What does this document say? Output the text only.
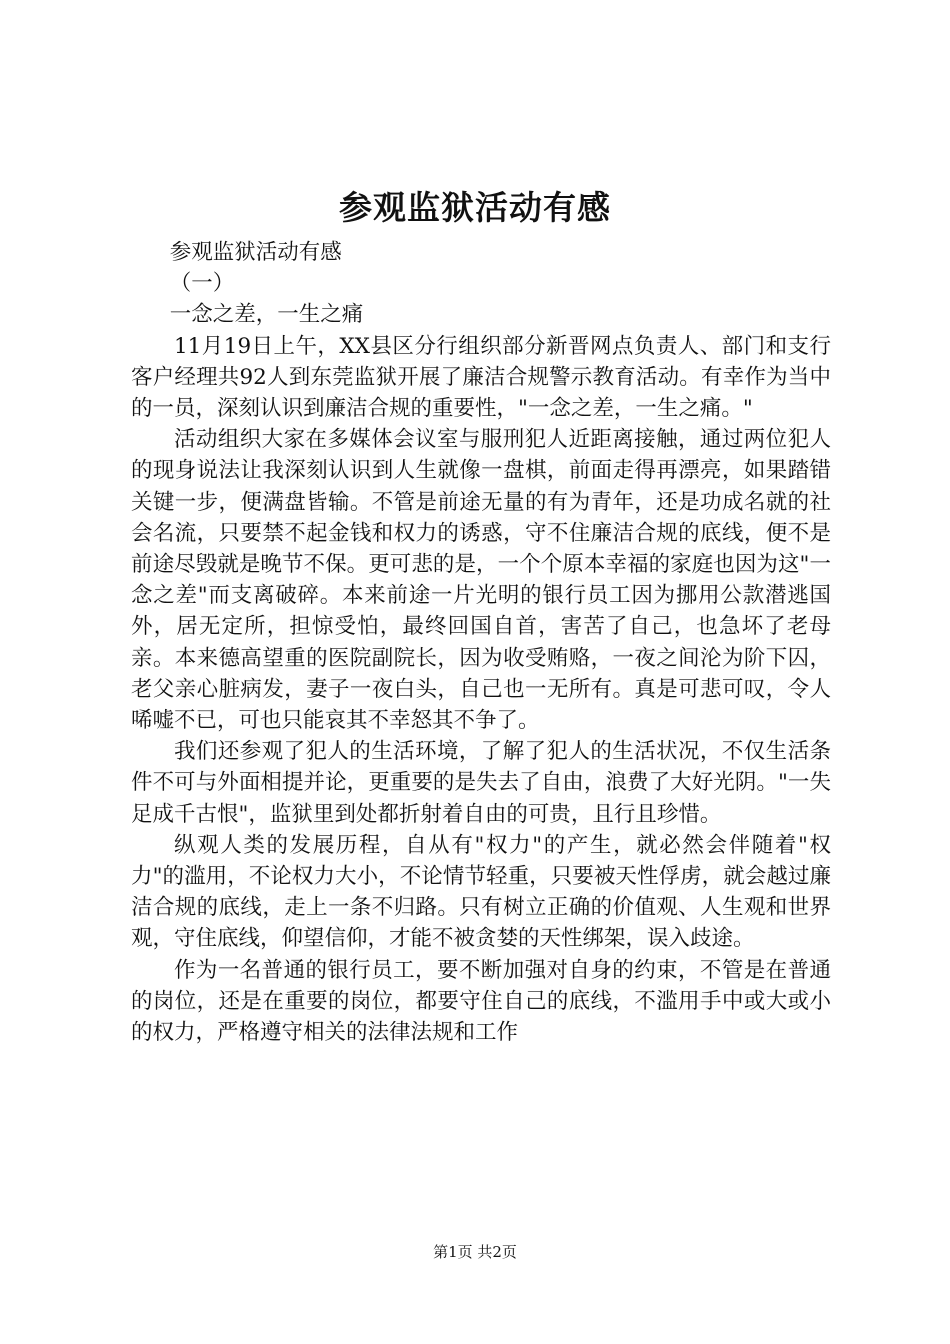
参观监狱活动有感

参观监狱活动有感

（一）

一念之差，一生之痛

11月19日上午，XX县区分行组织部分新晋网点负责人、部门和支行客户经理共92人到东莞监狱开展了廉洁合规警示教育活动。有幸作为当中的一员，深刻认识到廉洁合规的重要性，"一念之差，一生之痛。"

活动组织大家在多媒体会议室与服刑犯人近距离接触，通过两位犯人的现身说法让我深刻认识到人生就像一盘棋，前面走得再漂亮，如果踏错关键一步，便满盘皆输。不管是前途无量的有为青年，还是功成名就的社会名流，只要禁不起金钱和权力的诱惑，守不住廉洁合规的底线，便不是前途尽毁就是晚节不保。更可悲的是，一个个原本幸福的家庭也因为这"一念之差"而支离破碎。本来前途一片光明的银行员工因为挪用公款潜逃国外，居无定所，担惊受怕，最终回国自首，害苦了自己，也急坏了老母亲。本来德高望重的医院副院长，因为收受贿赂，一夜之间沦为阶下囚，老父亲心脏病发，妻子一夜白头，自己也一无所有。真是可悲可叹，令人唏嘘不已，可也只能哀其不幸怒其不争了。

我们还参观了犯人的生活环境，了解了犯人的生活状况，不仅生活条件不可与外面相提并论，更重要的是失去了自由，浪费了大好光阴。"一失足成千古恨"，监狱里到处都折射着自由的可贵，且行且珍惜。

纵观人类的发展历程，自从有"权力"的产生，就必然会伴随着"权力"的滥用，不论权力大小，不论情节轻重，只要被天性俘虏，就会越过廉洁合规的底线，走上一条不归路。只有树立正确的价值观、人生观和世界观，守住底线，仰望信仰，才能不被贪婪的天性绑架，误入歧途。

作为一名普通的银行员工，要不断加强对自身的约束，不管是在普通的岗位，还是在重要的岗位，都要守住自己的底线，不滥用手中或大或小的权力，严格遵守相关的法律法规和工作

第1页 共2页
